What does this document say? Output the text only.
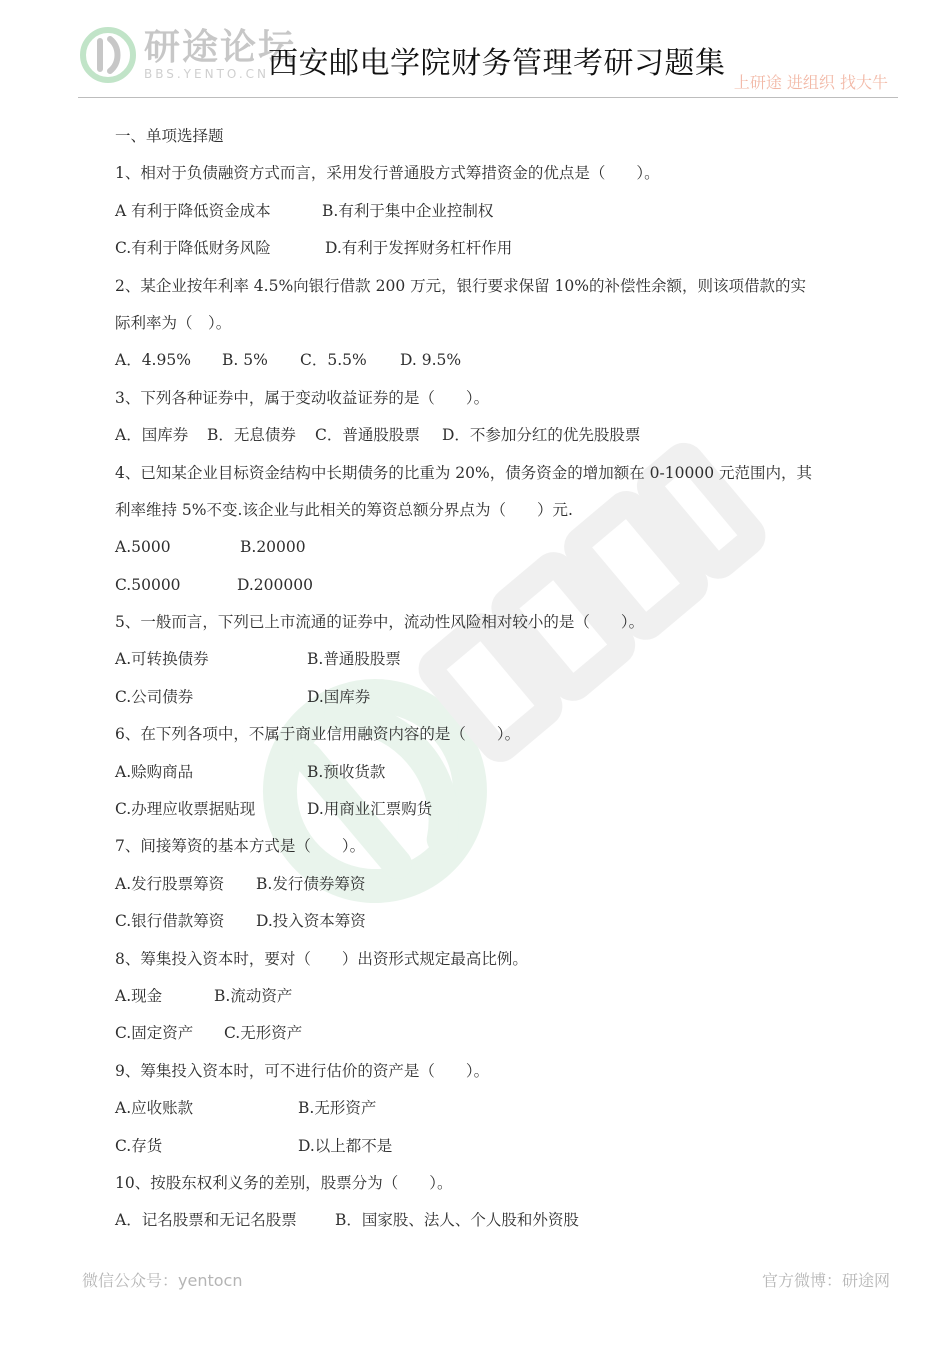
研途论坛
BBS.YENTO.CN
西安邮电学院财务管理考研习题集
上研途 进组织 找大牛
一、单项选择题
1、相对于负债融资方式而言，采用发行普通股方式筹措资金的优点是（　　）。
A 有利于降低资金成本	B.有利于集中企业控制权
C.有利于降低财务风险	D.有利于发挥财务杠杆作用
2、某企业按年利率 4.5%向银行借款 200 万元，银行要求保留 10%的补偿性余额，则该项借款的实
际利率为（　）。
A．4.95% B. 5% C．5.5% D. 9.5%
3、下列各种证券中，属于变动收益证券的是（　　）。
A．国库券 B．无息债券 C．普通股股票 D．不参加分红的优先股股票
4、已知某企业目标资金结构中长期债务的比重为 20%，债务资金的增加额在 0-10000 元范围内，其
利率维持 5%不变.该企业与此相关的筹资总额分界点为（　　）元.
A.5000	B.20000
C.50000	D.200000
5、一般而言，下列已上市流通的证券中，流动性风险相对较小的是（　　）。
A.可转换债券	B.普通股股票
C.公司债券	D.国库券
6、在下列各项中，不属于商业信用融资内容的是（　　）。
A.赊购商品	B.预收货款
C.办理应收票据贴现	D.用商业汇票购货
7、间接筹资的基本方式是（　　）。
A.发行股票筹资 B.发行债券筹资
C.银行借款筹资 D.投入资本筹资
8、筹集投入资本时，要对（　　）出资形式规定最高比例。
A.现金	B.流动资产
C.固定资产 C.无形资产
9、筹集投入资本时，可不进行估价的资产是（　　）。
A.应收账款	B.无形资产
C.存货	D.以上都不是
10、按股东权利义务的差别，股票分为（　　）。
A．记名股票和无记名股票 B．国家股、法人、个人股和外资股
微信公众号：yentocn	官方微博：研途网
